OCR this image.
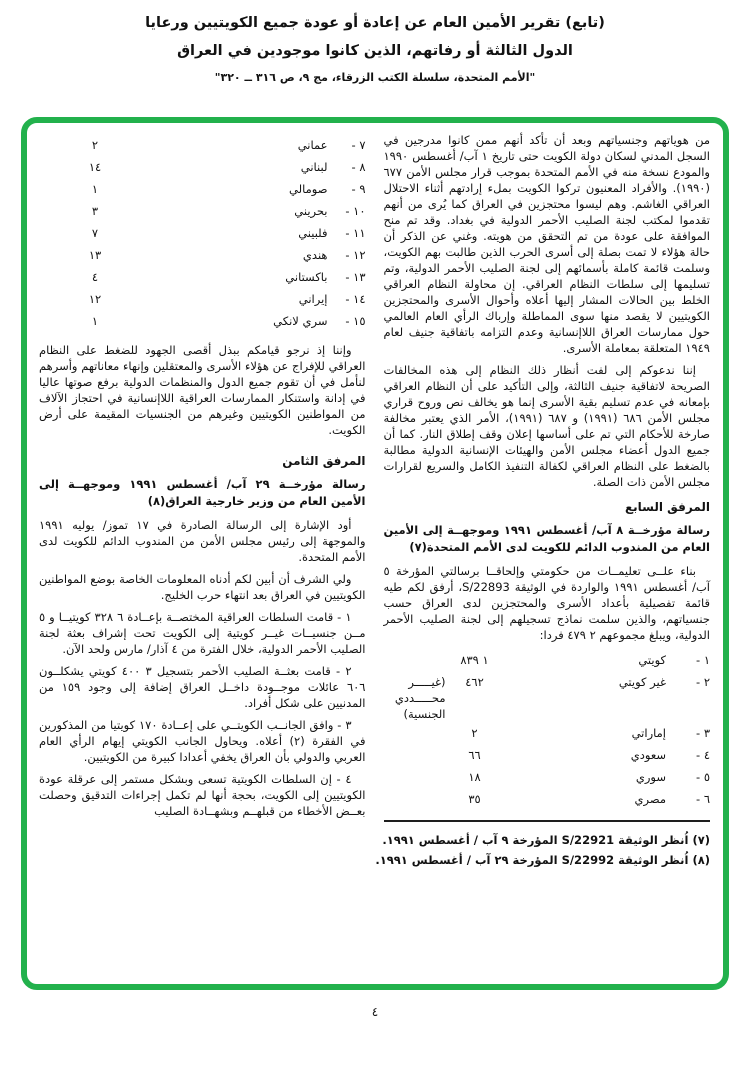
(تابع) تقرير الأمين العام عن إعادة أو عودة جميع الكويتيين ورعايا
الدول الثالثة أو رفاتهم، الذين كانوا موجودين في العراق
"الأمم المتحدة، سلسلة الكتب الزرقاء، مج ٩، ص ٣١٦ ــ ٣٢٠"

من هوياتهم وجنسياتهم وبعد أن تأكد أنهم ممن كانوا مدرجين في السجل المدني لسكان دولة الكويت حتى تاريخ ١ آب/ أغسطس ١٩٩٠ والمودع نسخة منه في الأمم المتحدة بموجب قرار مجلس الأمن ٦٧٧ (١٩٩٠). والأفراد المعنيون تركوا الكويت بملء إرادتهم أثناء الاحتلال العراقي الغاشم. وهم ليسوا محتجزين في العراق كما يُرى من أنهم تقدموا لمكتب لجنة الصليب الأحمر الدولية في بغداد. وقد تم منح الموافقة على عودة من تم التحقق من هويته. وغني عن الذكر أن حالة هؤلاء لا تمت بصلة إلى أسرى الحرب الذين طالبت بهم الكويت، وسلمت قائمة كاملة بأسمائهم إلى لجنة الصليب الأحمر الدولية، وتم تسليمها إلى سلطات النظام العراقي. إن محاولة النظام العراقي الخلط بين الحالات المشار إليها أعلاه وأحوال الأسرى والمحتجزين الكويتيين لا يقصد منها سوى المماطلة وإرباك الرأي العام العالمي حول ممارسات العراق اللاإنسانية وعدم التزامه باتفاقية جنيف لعام ١٩٤٩ المتعلقة بمعاملة الأسرى.

إننا ندعوكم إلى لفت أنظار ذلك النظام إلى هذه المخالفات الصريحة لاتفاقية جنيف الثالثة، وإلى التأكيد على أن النظام العراقي بإمعانه في عدم تسليم بقية الأسرى إنما هو يخالف نص وروح قراري مجلس الأمن ٦٨٦ (١٩٩١) و ٦٨٧ (١٩٩١)، الأمر الذي يعتبر مخالفة صارخة للأحكام التي تم على أساسها إعلان وقف إطلاق النار. كما أن جميع الدول أعضاء مجلس الأمن والهيئات الإنسانية الدولية مطالبة بالضغط على النظام العراقي لكفالة التنفيذ الكامل والسريع لقرارات مجلس الأمن ذات الصلة.

المرفق السابع

رسالة مؤرخــة ٨ آب/ أغسطس ١٩٩١ وموجهــة إلى الأمين العام من المندوب الدائم للكويت لدى الأمم المتحدة(٧)

بناء علــى تعليمــات من حكومتي وإلحاقــا برسالتي المؤرخة ٥ آب/ أغسطس ١٩٩١ والواردة في الوثيقة S/22893، أرفق لكم طيه قائمة تفصيلية بأعداد الأسرى والمحتجزين لدى العراق حسب جنسياتهم، والذين سلمت نماذج تسجيلهم إلى لجنة الصليب الأحمر الدولية، ويبلغ مجموعهم ٢ ٤٧٩ فردا:

١ -
كويتي
١ ٨٣٩
٢ -
غير كويتي
٤٦٢
(غيـــــر محـــــددي الجنسية)
٣ -
إماراتي
٢
٤ -
سعودي
٦٦
٥ -
سوري
١٨
٦ -
مصري
٣٥

(٧) اُنظر الوثيقة S/22921 المؤرخة ٩ آب / أغسطس ١٩٩١.

(٨) اُنظر الوثيقة S/22992 المؤرخة ٢٩ آب / أغسطس ١٩٩١.

٧ -
عماني
٢
٨ -
لبناني
١٤
٩ -
صومالي
١
١٠ -
بحريني
٣
١١ -
فلبيني
٧
١٢ -
هندي
١٣
١٣ -
باكستاني
٤
١٤ -
إيراني
١٢
١٥ -
سري لانكي
١

وإننا إذ نرجو قيامكم ببذل أقصى الجهود للضغط على النظام العراقي للإفراج عن هؤلاء الأسرى والمعتقلين وإنهاء معاناتهم وأسرهم لنأمل في أن تقوم جميع الدول والمنظمات الدولية برفع صوتها عاليا في إدانة واستنكار الممارسات العراقية اللاإنسانية في احتجاز الآلاف من المواطنين الكويتيين وغيرهم من الجنسيات المقيمة على أرض الكويت.

المرفق الثامن

رسالة مؤرخــة ٢٩ آب/ أغسطس ١٩٩١ وموجهــة إلى الأمين العام من وزير خارجية العراق(٨)

أود الإشارة إلى الرسالة الصادرة في ١٧ تموز/ يوليه ١٩٩١ والموجهة إلى رئيس مجلس الأمن من المندوب الدائم للكويت لدى الأمم المتحدة.

ولي الشرف أن أبين لكم أدناه المعلومات الخاصة بوضع المواطنين الكويتيين في العراق بعد انتهاء حرب الخليج.

١ - قامت السلطات العراقية المختصــة بإعــادة ٦ ٣٢٨ كويتيــا و ٥ مــن جنسيــات غيــر كويتية إلى الكويت تحت إشراف بعثة لجنة الصليب الأحمر الدولية، خلال الفترة من ٤ آذار/ مارس ولحد الآن.

٢ - قامت بعثــة الصليب الأحمر بتسجيل ٣ ٤٠٠ كويتي يشكلــون ٦٠٦ عائلات موجــودة داخــل العراق إضافة إلى وجود ١٥٩ من المدنيين على شكل أفراد.

٣ - وافق الجانــب الكويتــي على إعــادة ١٧٠ كويتيا من المذكورين في الفقرة (٢) أعلاه. ويحاول الجانب الكويتي إيهام الرأي العام العربي والدولي بأن العراق يخفي أعدادا كبيرة من الكويتيين.

٤ - إن السلطات الكويتية تسعى وبشكل مستمر إلى عرقلة عودة الكويتيين إلى الكويت، بحجة أنها لم تكمل إجراءات التدقيق وحصلت بعــض الأخطاء من قبلهــم وبشهــادة الصليب

٤
